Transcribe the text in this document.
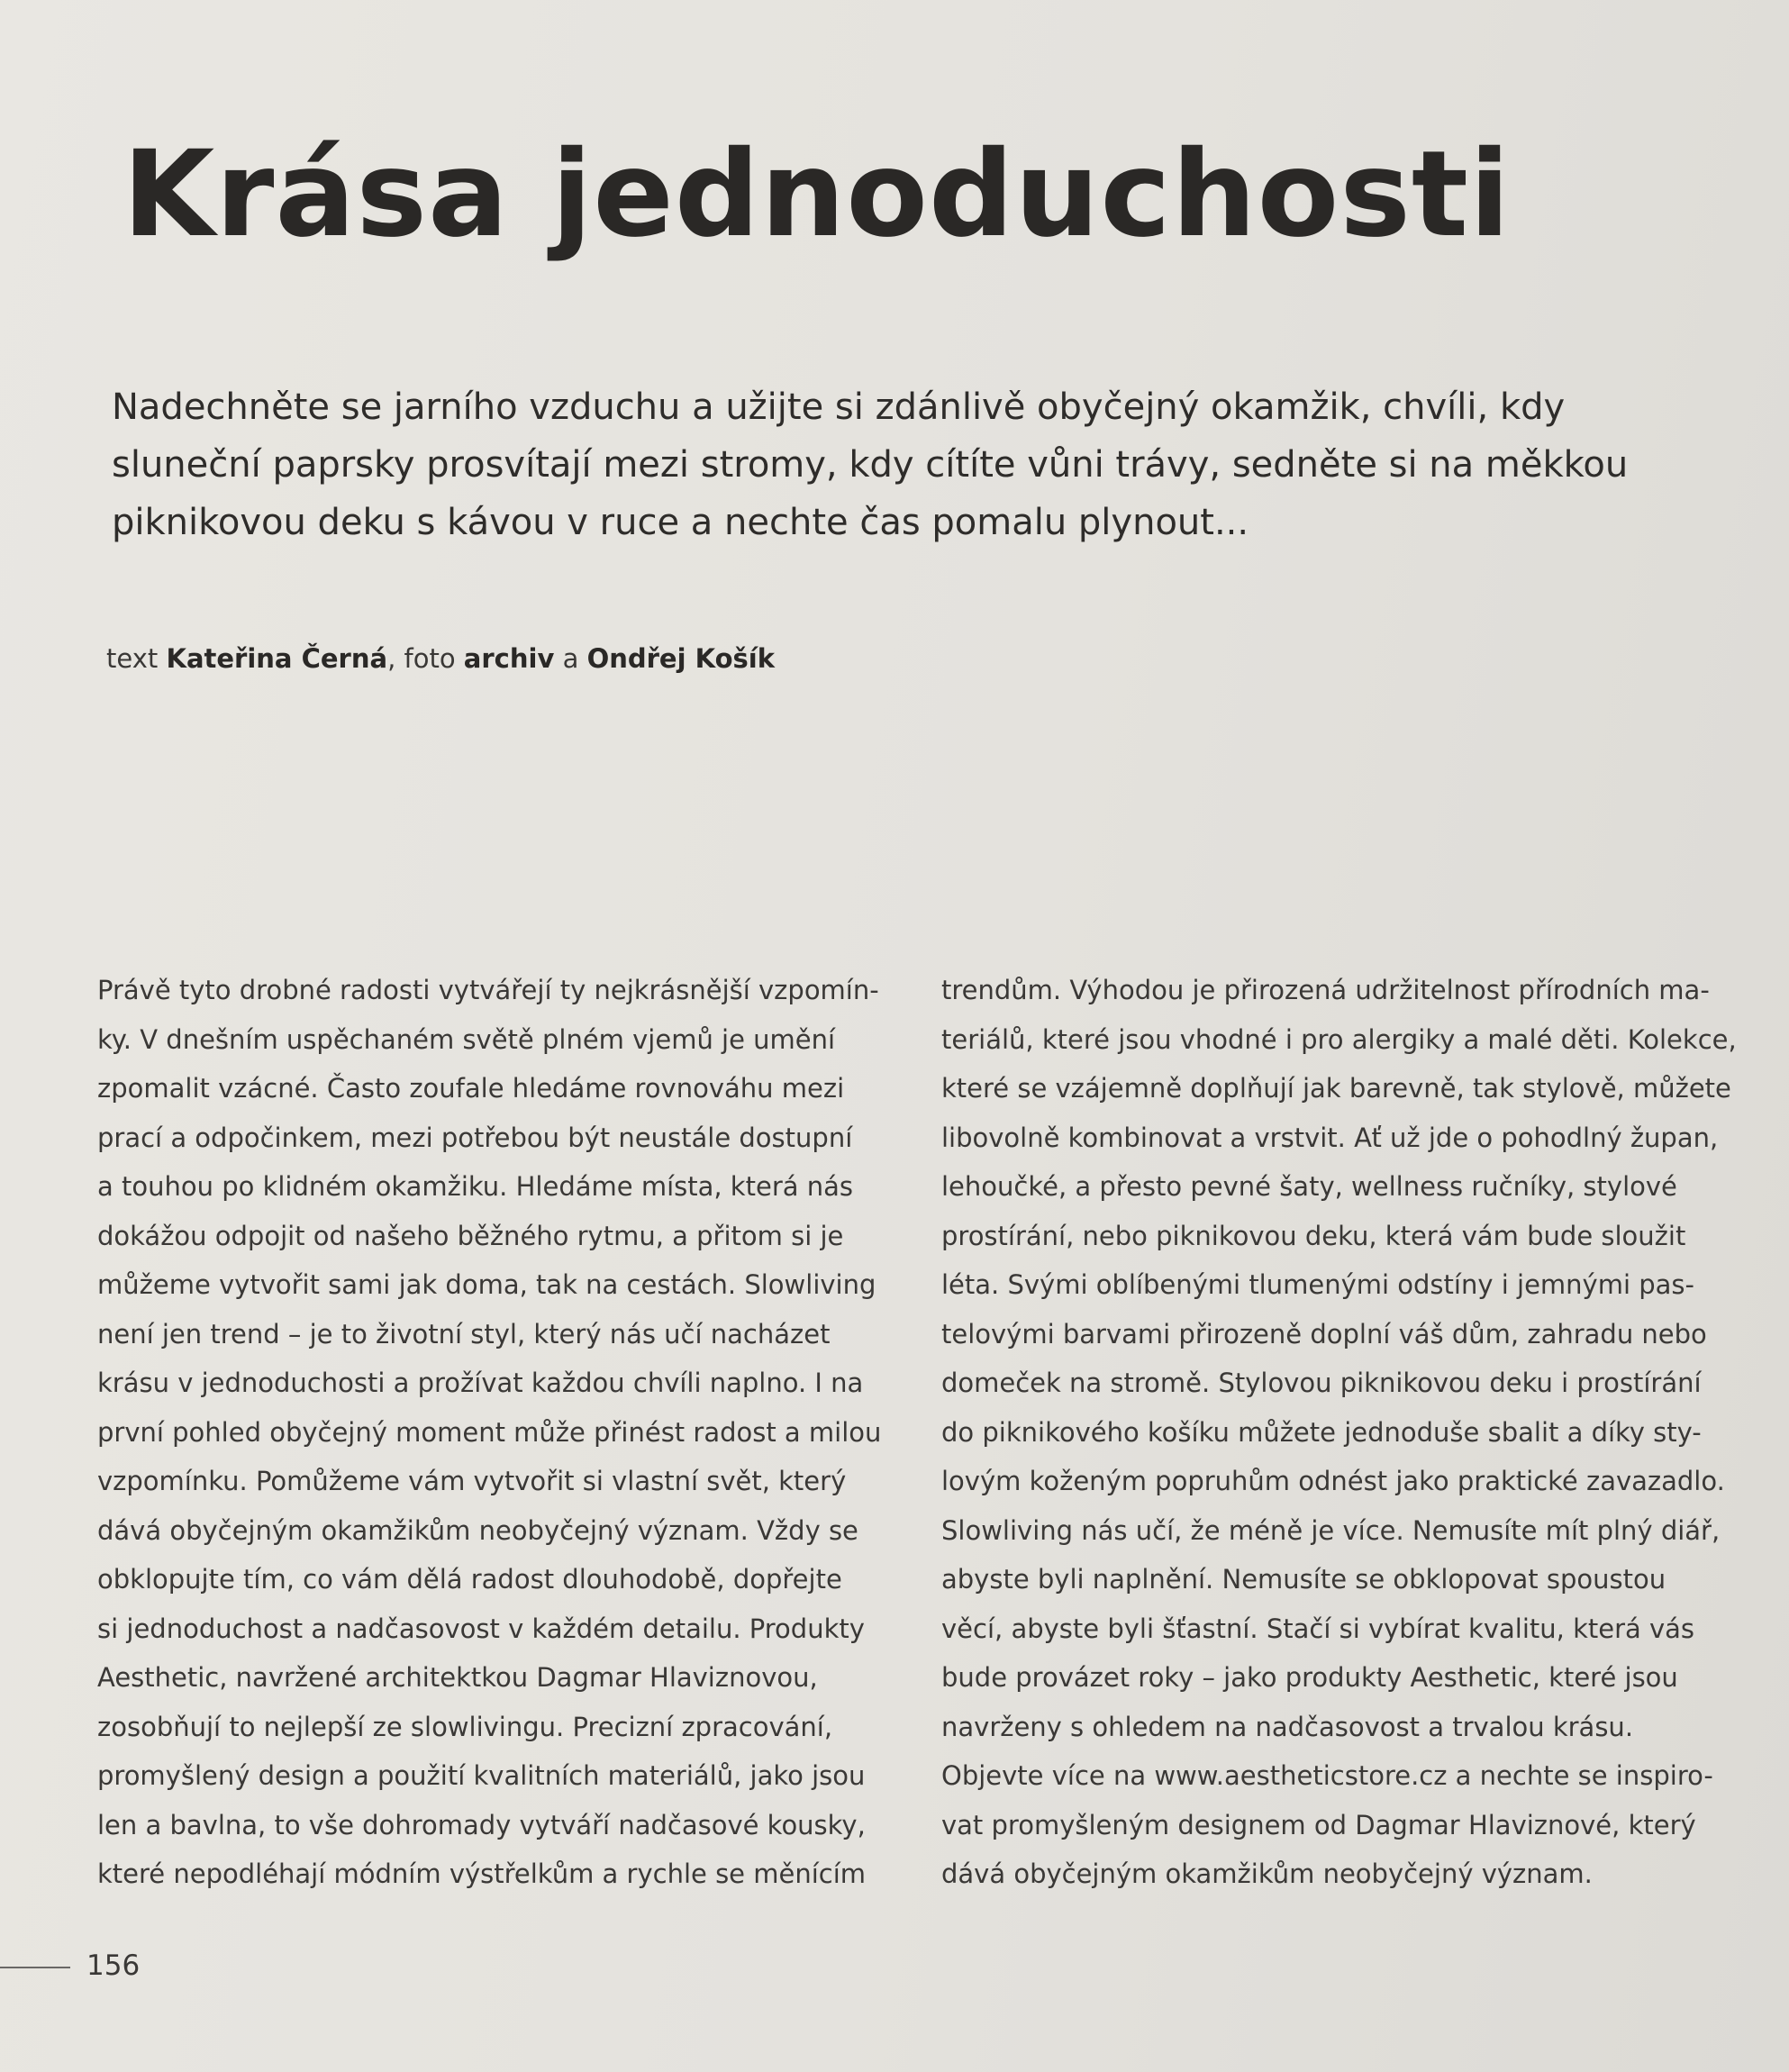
Krása jednoduchosti

Nadechněte se jarního vzduchu a užijte si zdánlivě obyčejný okamžik, chvíli, kdy sluneční paprsky prosvítají mezi stromy, kdy cítíte vůni trávy, sedněte si na měkkou piknikovou deku s kávou v ruce a nechte čas pomalu plynout...

text Kateřina Černá, foto archiv a Ondřej Košík

Právě tyto drobné radosti vytvářejí ty nejkrásnější vzpomín-
ky. V dnešním uspěchaném světě plném vjemů je umění
zpomalit vzácné. Často zoufale hledáme rovnováhu mezi
prací a odpočinkem, mezi potřebou být neustále dostupní
a touhou po klidném okamžiku. Hledáme místa, která nás
dokážou odpojit od našeho běžného rytmu, a přitom si je
můžeme vytvořit sami jak doma, tak na cestách. Slowliving
není jen trend – je to životní styl, který nás učí nacházet
krásu v jednoduchosti a prožívat každou chvíli naplno. I na
první pohled obyčejný moment může přinést radost a milou
vzpomínku. Pomůžeme vám vytvořit si vlastní svět, který
dává obyčejným okamžikům neobyčejný význam. Vždy se
obklopujte tím, co vám dělá radost dlouhodobě, dopřejte
si jednoduchost a nadčasovost v každém detailu. Produkty
Aesthetic, navržené architektkou Dagmar Hlaviznovou,
zosobňují to nejlepší ze slowlivingu. Precizní zpracování,
promyšlený design a použití kvalitních materiálů, jako jsou
len a bavlna, to vše dohromady vytváří nadčasové kousky,
které nepodléhají módním výstřelkům a rychle se měnícím
trendům. Výhodou je přirozená udržitelnost přírodních ma-
teriálů, které jsou vhodné i pro alergiky a malé děti. Kolekce,
které se vzájemně doplňují jak barevně, tak stylově, můžete
libovolně kombinovat a vrstvit. Ať už jde o pohodlný župan,
lehoučké, a přesto pevné šaty, wellness ručníky, stylové
prostírání, nebo piknikovou deku, která vám bude sloužit
léta. Svými oblíbenými tlumenými odstíny i jemnými pas-
telovými barvami přirozeně doplní váš dům, zahradu nebo
domeček na stromě. Stylovou piknikovou deku i prostírání
do piknikového košíku můžete jednoduše sbalit a díky sty-
lovým koženým popruhům odnést jako praktické zavazadlo.
Slowliving nás učí, že méně je více. Nemusíte mít plný diář,
abyste byli naplnění. Nemusíte se obklopovat spoustou
věcí, abyste byli šťastní. Stačí si vybírat kvalitu, která vás
bude provázet roky – jako produkty Aesthetic, které jsou
navrženy s ohledem na nadčasovost a trvalou krásu.
Objevte více na www.aestheticstore.cz a nechte se inspiro-
vat promyšleným designem od Dagmar Hlaviznové, který
dává obyčejným okamžikům neobyčejný význam.
156
